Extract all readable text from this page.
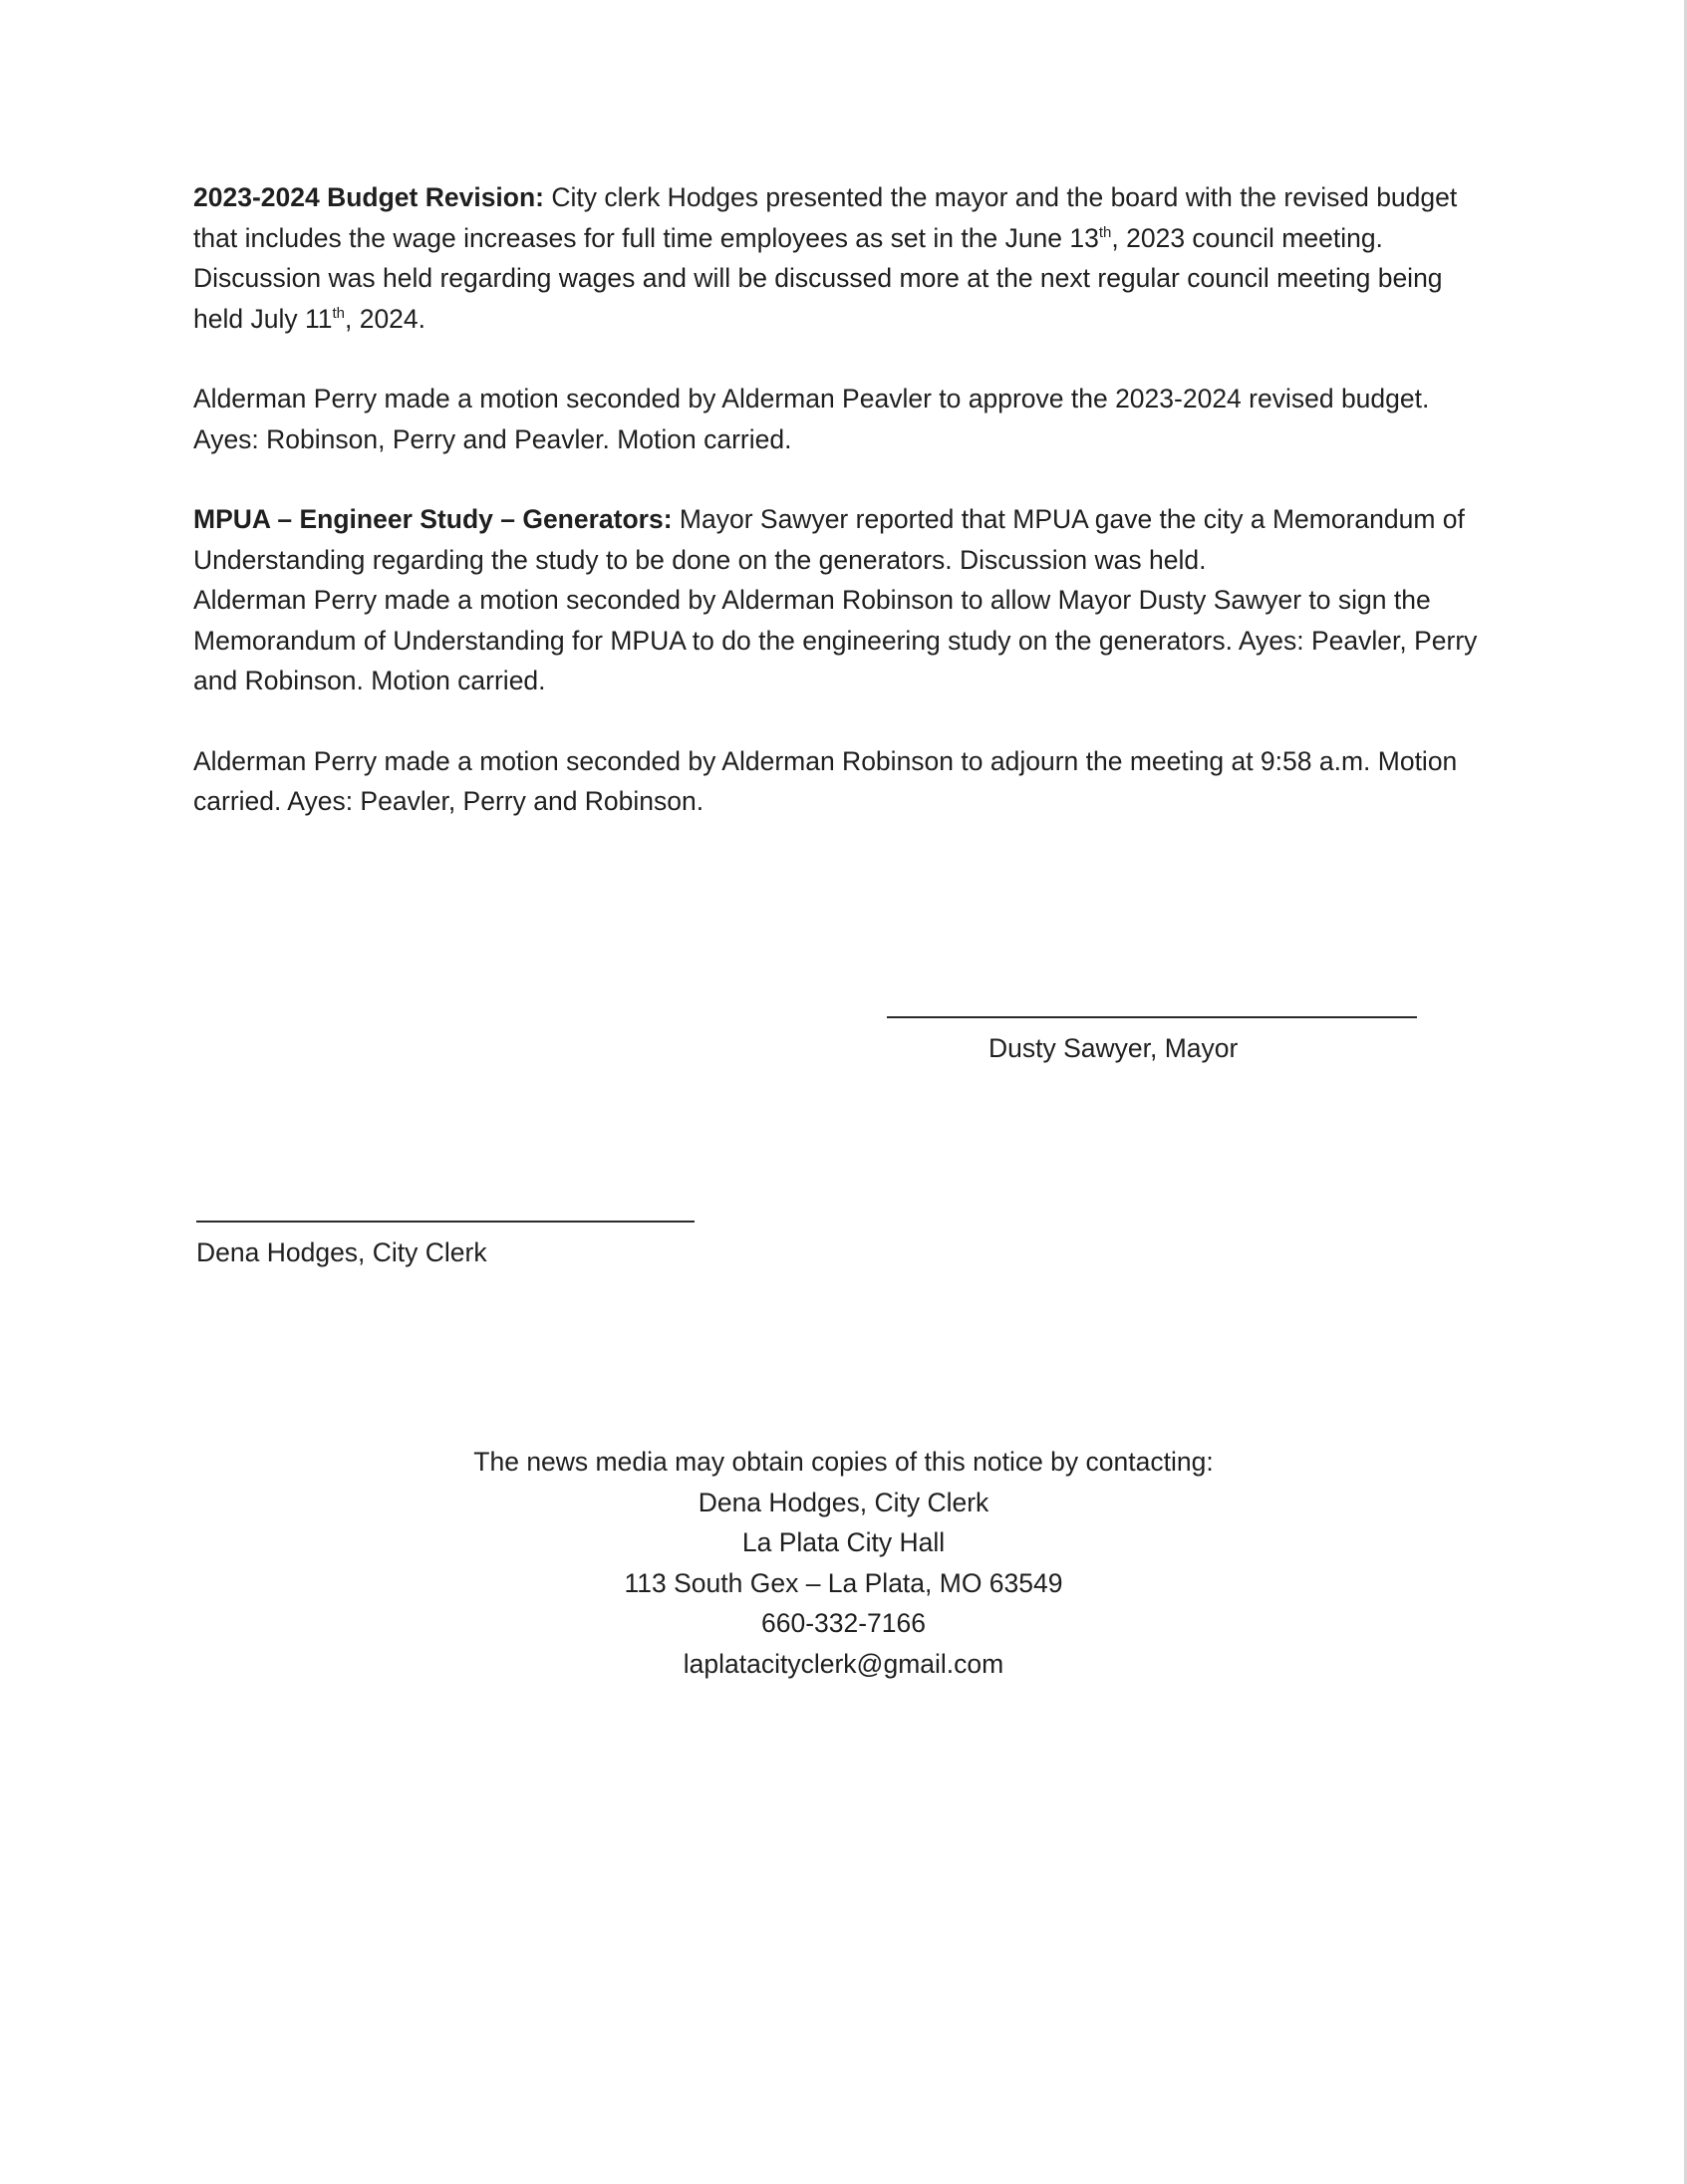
2023-2024 Budget Revision: City clerk Hodges presented the mayor and the board with the revised budget that includes the wage increases for full time employees as set in the June 13th, 2023 council meeting. Discussion was held regarding wages and will be discussed more at the next regular council meeting being held July 11th, 2024.

Alderman Perry made a motion seconded by Alderman Peavler to approve the 2023-2024 revised budget. Ayes: Robinson, Perry and Peavler. Motion carried.

MPUA – Engineer Study – Generators: Mayor Sawyer reported that MPUA gave the city a Memorandum of Understanding regarding the study to be done on the generators. Discussion was held.
Alderman Perry made a motion seconded by Alderman Robinson to allow Mayor Dusty Sawyer to sign the Memorandum of Understanding for MPUA to do the engineering study on the generators. Ayes: Peavler, Perry and Robinson. Motion carried.

Alderman Perry made a motion seconded by Alderman Robinson to adjourn the meeting at 9:58 a.m. Motion carried. Ayes: Peavler, Perry and Robinson.

Dusty Sawyer, Mayor
Dena Hodges, City Clerk
The news media may obtain copies of this notice by contacting:
Dena Hodges, City Clerk
La Plata City Hall
113 South Gex – La Plata, MO 63549
660-332-7166
laplatacityclerk@gmail.com
